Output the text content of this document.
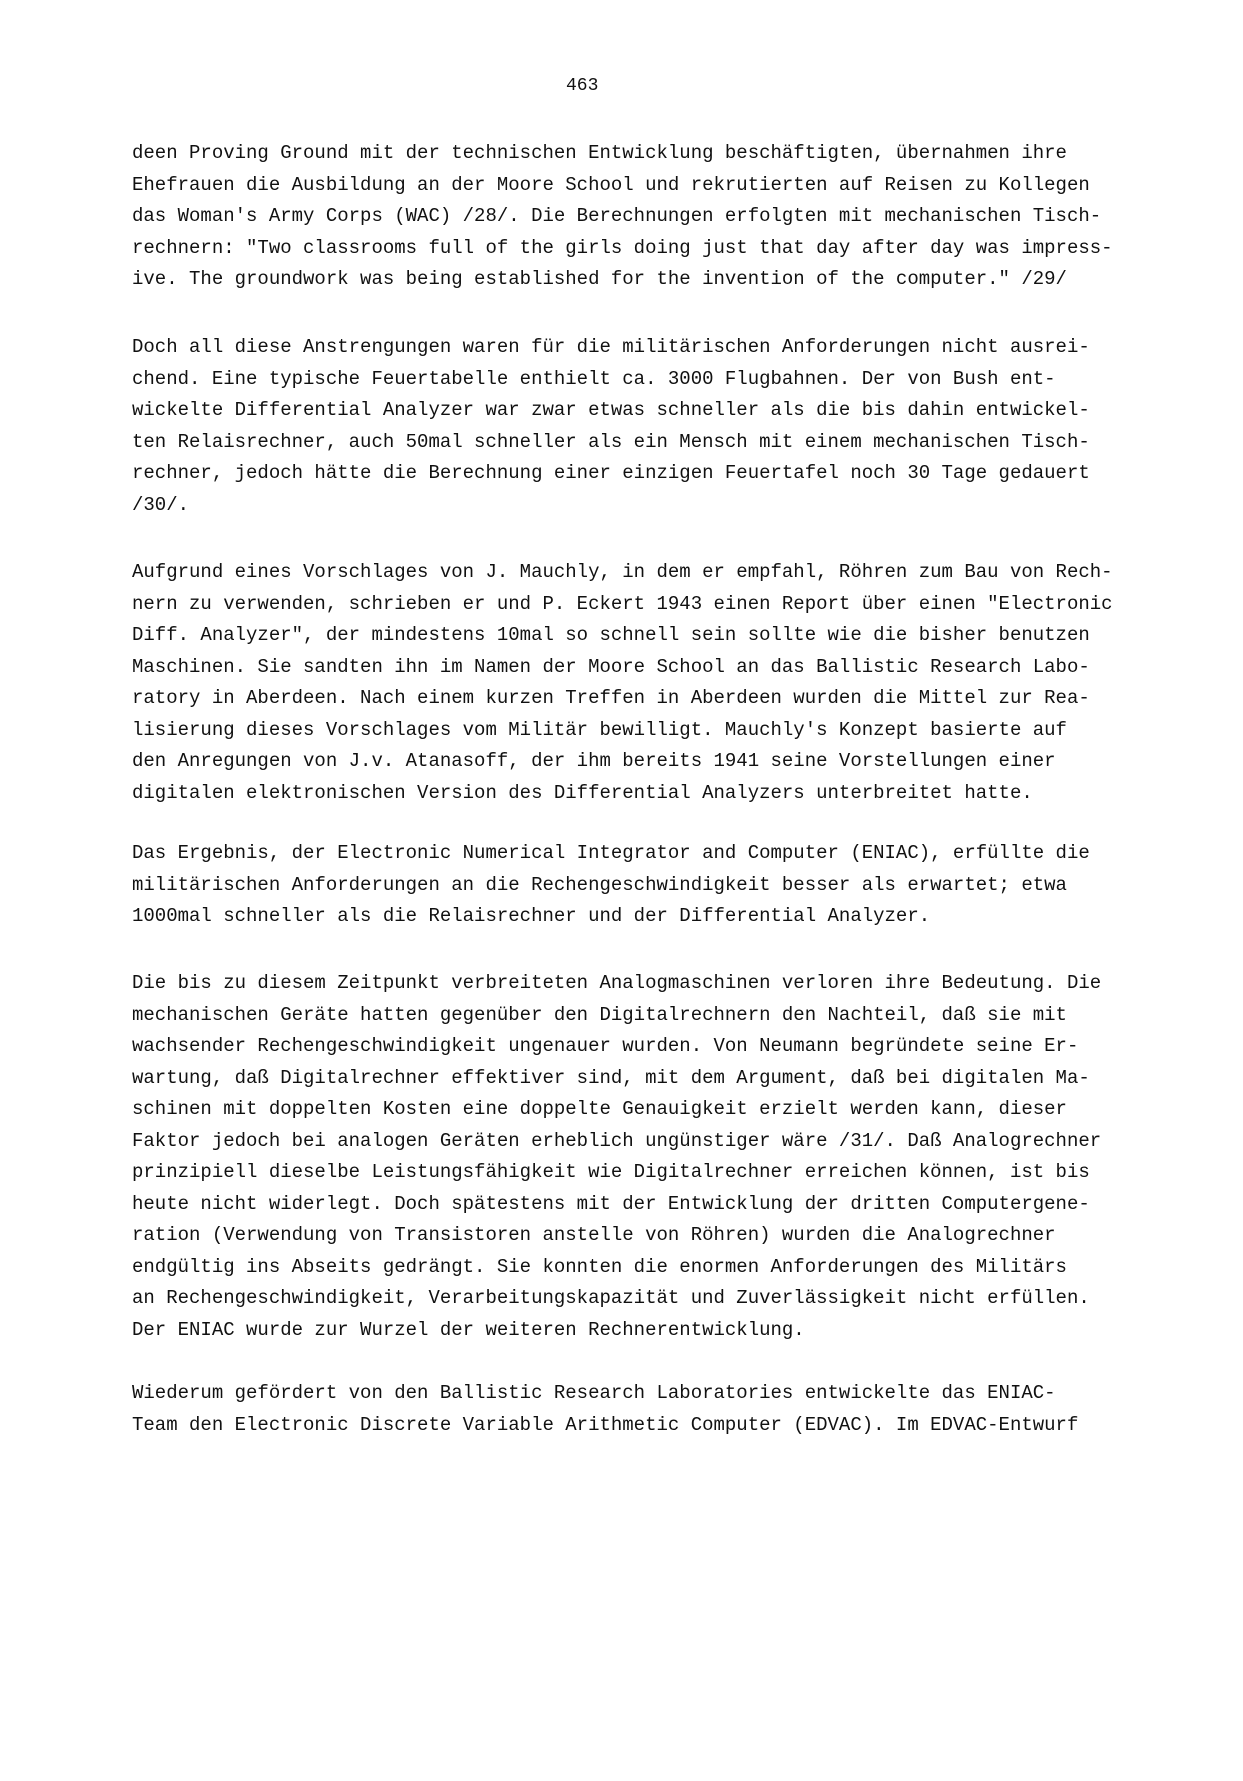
463
deen Proving Ground mit der technischen Entwicklung beschäftigten, übernahmen ihre
Ehefrauen die Ausbildung an der Moore School und rekrutierten auf Reisen zu Kollegen
das Woman's Army Corps (WAC) /28/. Die Berechnungen erfolgten mit mechanischen Tisch-
rechnern: "Two classrooms full of the girls doing just that day after day was impress-
ive. The groundwork was being established for the invention of the computer." /29/
Doch all diese Anstrengungen waren für die militärischen Anforderungen nicht ausrei-
chend. Eine typische Feuertabelle enthielt ca. 3000 Flugbahnen. Der von Bush ent-
wickelte Differential Analyzer war zwar etwas schneller als die bis dahin entwickel-
ten Relaisrechner, auch 50mal schneller als ein Mensch mit einem mechanischen Tisch-
rechner, jedoch hätte die Berechnung einer einzigen Feuertafel noch 30 Tage gedauert
/30/.
Aufgrund eines Vorschlages von J. Mauchly, in dem er empfahl, Röhren zum Bau von Rech-
nern zu verwenden, schrieben er und P. Eckert 1943 einen Report über einen "Electronic
Diff. Analyzer", der mindestens 10mal so schnell sein sollte wie die bisher benutzen
Maschinen. Sie sandten ihn im Namen der Moore School an das Ballistic Research Labo-
ratory in Aberdeen. Nach einem kurzen Treffen in Aberdeen wurden die Mittel zur Rea-
lisierung dieses Vorschlages vom Militär bewilligt. Mauchly's Konzept basierte auf
den Anregungen von J.v. Atanasoff, der ihm bereits 1941 seine Vorstellungen einer
digitalen elektronischen Version des Differential Analyzers unterbreitet hatte.
Das Ergebnis, der Electronic Numerical Integrator and Computer (ENIAC), erfüllte die
militärischen Anforderungen an die Rechengeschwindigkeit besser als erwartet; etwa
1000mal schneller als die Relaisrechner und der Differential Analyzer.
Die bis zu diesem Zeitpunkt verbreiteten Analogmaschinen verloren ihre Bedeutung. Die
mechanischen Geräte hatten gegenüber den Digitalrechnern den Nachteil, daß sie mit
wachsender Rechengeschwindigkeit ungenauer wurden. Von Neumann begründete seine Er-
wartung, daß Digitalrechner effektiver sind, mit dem Argument, daß bei digitalen Ma-
schinen mit doppelten Kosten eine doppelte Genauigkeit erzielt werden kann, dieser
Faktor jedoch bei analogen Geräten erheblich ungünstiger wäre /31/. Daß Analogrechner
prinzipiell dieselbe Leistungsfähigkeit wie Digitalrechner erreichen können, ist bis
heute nicht widerlegt. Doch spätestens mit der Entwicklung der dritten Computergene-
ration (Verwendung von Transistoren anstelle von Röhren) wurden die Analogrechner
endgültig ins Abseits gedrängt. Sie konnten die enormen Anforderungen des Militärs
an Rechengeschwindigkeit, Verarbeitungskapazität und Zuverlässigkeit nicht erfüllen.
Der ENIAC wurde zur Wurzel der weiteren Rechnerentwicklung.
Wiederum gefördert von den Ballistic Research Laboratories entwickelte das ENIAC-
Team den Electronic Discrete Variable Arithmetic Computer (EDVAC). Im EDVAC-Entwurf
